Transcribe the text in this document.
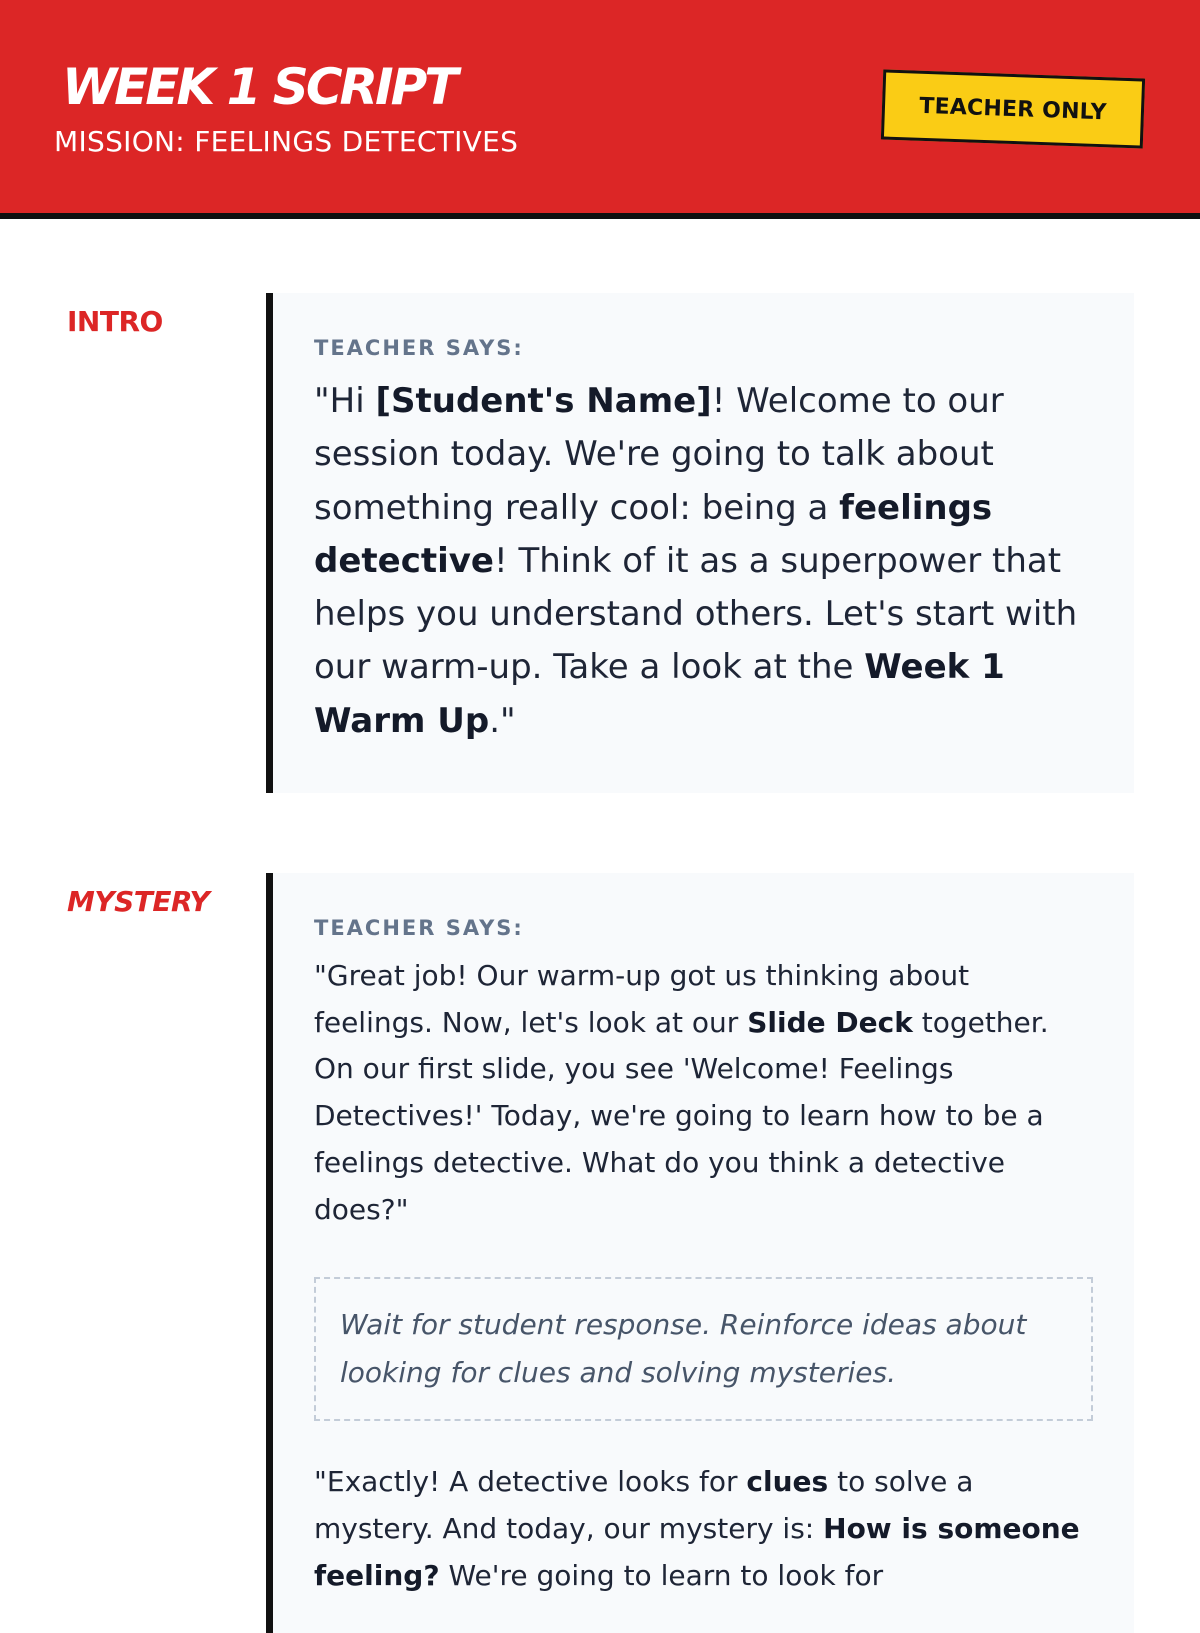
WEEK 1 SCRIPT
MISSION: FEELINGS DETECTIVES
TEACHER ONLY
INTRO
TEACHER SAYS:

"Hi [Student's Name]! Welcome to our session today. We're going to talk about something really cool: being a feelings detective! Think of it as a superpower that helps you understand others. Let's start with our warm-up. Take a look at the Week 1 Warm Up."

MYSTERY
TEACHER SAYS:

"Great job! Our warm-up got us thinking about feelings. Now, let's look at our Slide Deck together. On our first slide, you see 'Welcome! Feelings Detectives!' Today, we're going to learn how to be a feelings detective. What do you think a detective does?"

Wait for student response. Reinforce ideas about looking for clues and solving mysteries.

"Exactly! A detective looks for clues to solve a mystery. And today, our mystery is: How is someone feeling? We're going to learn to look for
